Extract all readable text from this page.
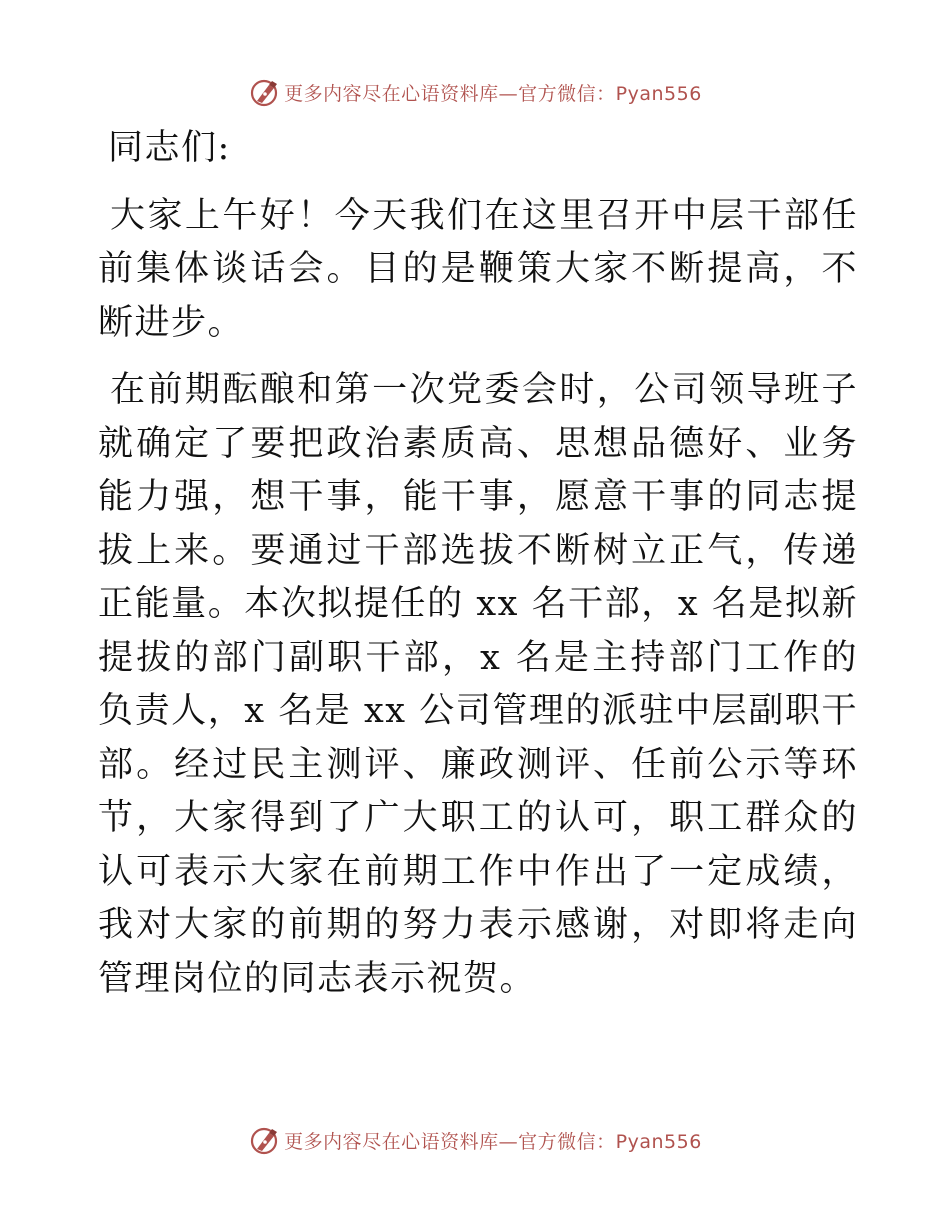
更多内容尽在心语资料库—官方微信：Pyan556

同志们:

大家上午好！今天我们在这里召开中层干部任前集体谈话会。目的是鞭策大家不断提高，不断进步。

在前期酝酿和第一次党委会时，公司领导班子就确定了要把政治素质高、思想品德好、业务能力强，想干事，能干事，愿意干事的同志提拔上来。要通过干部选拔不断树立正气，传递正能量。本次拟提任的 xx 名干部，x 名是拟新提拔的部门副职干部，x 名是主持部门工作的负责人，x 名是 xx 公司管理的派驻中层副职干部。经过民主测评、廉政测评、任前公示等环节，大家得到了广大职工的认可，职工群众的认可表示大家在前期工作中作出了一定成绩，我对大家的前期的努力表示感谢，对即将走向管理岗位的同志表示祝贺。

更多内容尽在心语资料库—官方微信：Pyan556
